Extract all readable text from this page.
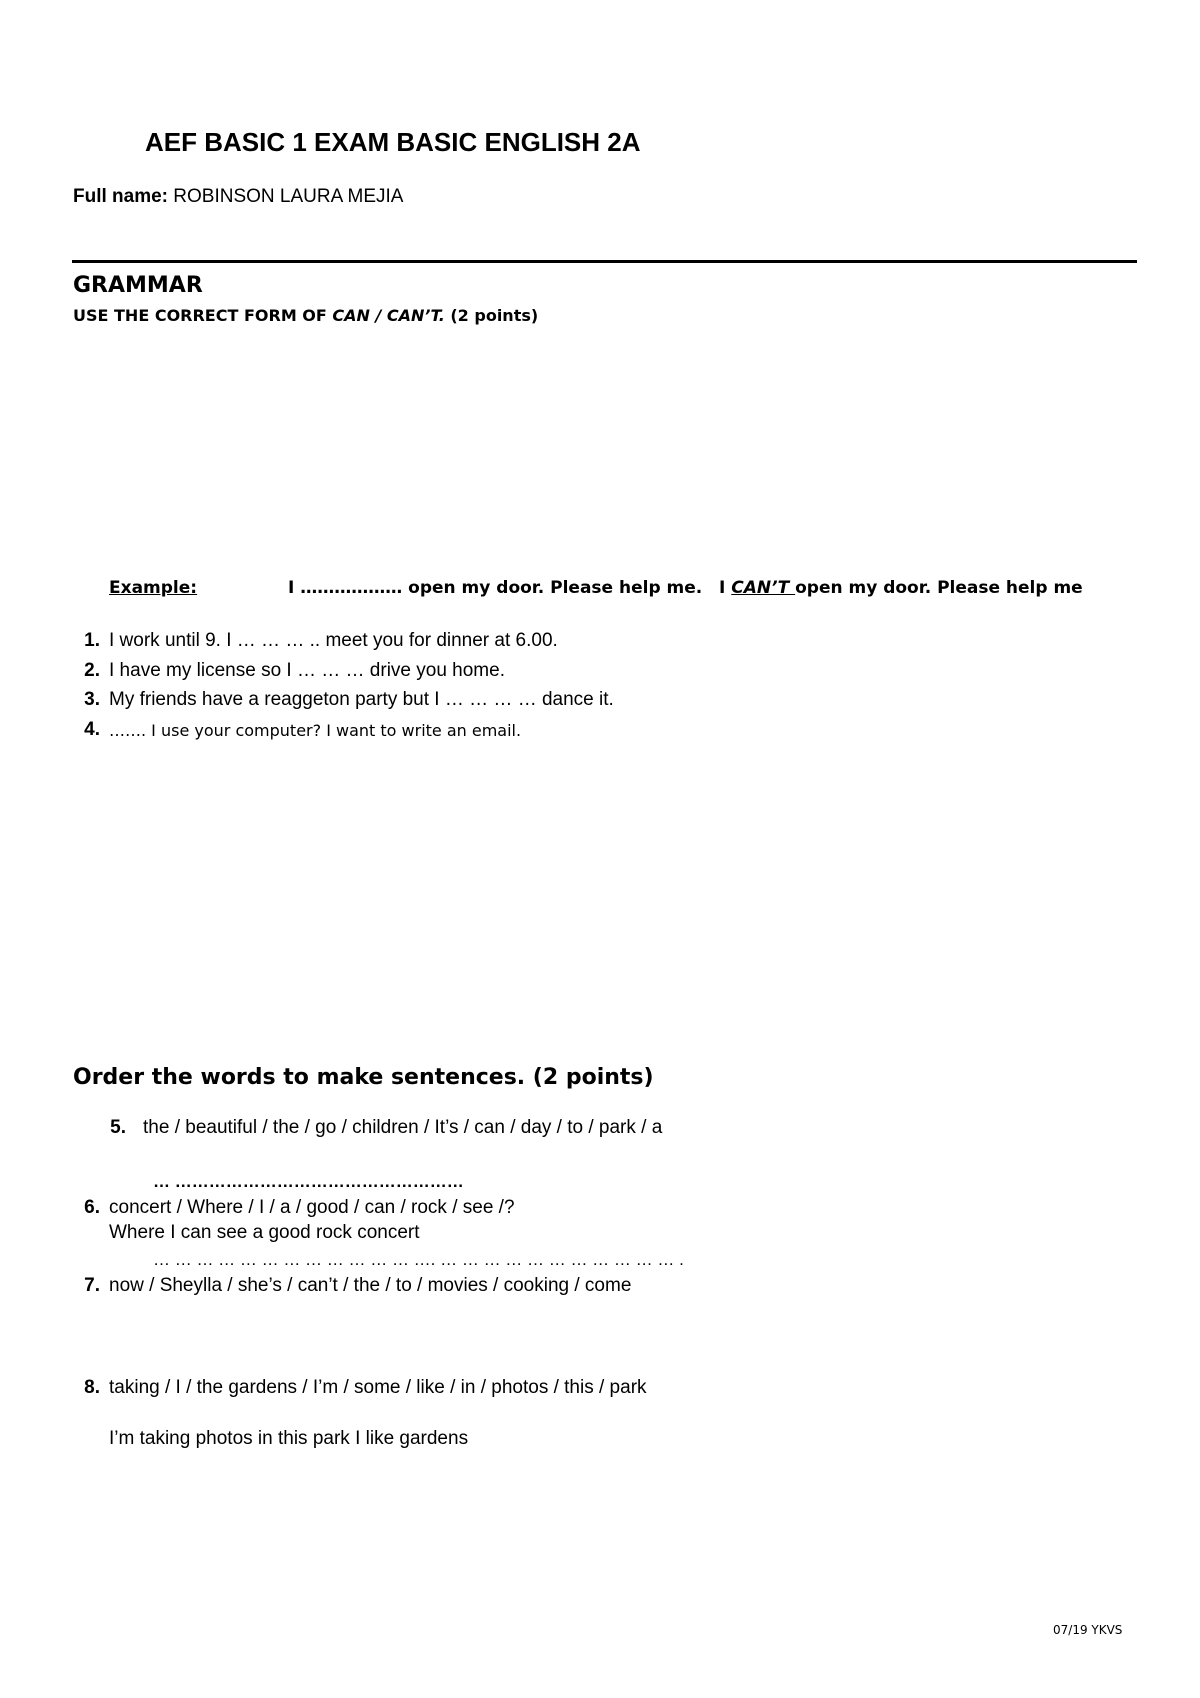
AEF BASIC 1 EXAM BASIC ENGLISH 2A
Full name: ROBINSON LAURA MEJIA
GRAMMAR
USE THE CORRECT FORM OF CAN / CAN’T. (2 points)
Example:	I ……………… open my door. Please help me. I CAN’T open my door. Please help me
1. I work until 9. I … … … .. meet you for dinner at 6.00.
2. I have my license so I … … … drive you home.
3. My friends have a reaggeton party but I … … … … dance it.
4. ……. I use your computer? I want to write an email.
Order the words to make sentences. (2 points)
5. the / beautiful / the / go / children / It’s / can / day / to / park / a
… ……………………………………………
6. concert / Where / I / a / good / can / rock / see /?
Where I can see a good rock concert
… … … … … … … … … … … … …. … … … … … … … … … … … .
7. now / Sheylla / she’s / can’t / the / to / movies / cooking / come
8. taking / I / the gardens / I’m / some / like / in / photos / this / park
I’m taking photos in this park I like gardens
07/19 YKVS
